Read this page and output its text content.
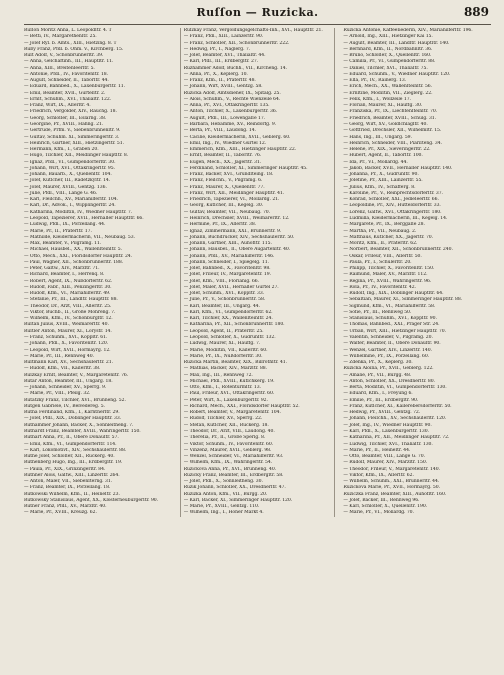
Ruſſon — Ruzicka.	889
Ruſſon Moritz Anna, L. Leopoldſtr. 4. T
— Betti, IV., Margarethenſtr. 25.
— Joſef Ryſ. b. Amts., XIII., Hietzing. 8. T
Rußy Franz, Pfdl. b. Ohm. V., Kirchberg. 15.
Ruſt Adolf, V., Schönbrunnerſtr. 39.
— Anna, Geſchäftinh., III., Hauptſtr. 11.
— Anna, XIII., Breitenſeerſtr. 5.
— Antonie, Pfdl., IV., Favoritenſtr. 18.
— Auguſt, Schneider, II., Taborſtr. 44.
— Eduard, Bahnbed., X., Laxenburgerſtr. 11.
— Emil, Beamter, XVII., Gürtelſtr. 2.
— Ernſt, Schuhm., XVI., Thaliaſtr. 122.
— Franz, Wirt, IX., Alſerſtr. 4.
— Friedrich, Vergolder, XIV., Rauchg. 18.
— Georg, Schloſſer, III., Eslarng. 38.
— Georgine, Pr., XVIII., Hahng. 21.
— Gertrude, Prfm. V., Siebenbrunnenſtr. 9.
— Guſtav, Schuhm. XI., Simmeringerſtr. 3.
— Heinrich, Gärtner, XIII., Hietzingerſtr. 51.
— Hermann, Kfm., I., Graben 20.
— Hugo, Tiſchler, XII., Meidlinger Hauptſtr. 8.
— Ignaz, Pfdl., VI., Gumpendorferſtr. 30.
— Johann, Wirt, XVI., Ottakringerſtr. 95.
— Johann, Bauarb., X., Quellenſtr. 104.
— Joſef, Kutſcher, III., Radetzkyſtr. 14.
— Joſef, Maurer, XVIII., Gentzg. 136.
— Julie, Pfdl., VIII., Lange G. 46.
— Karl, Fleiſchh., XV., Mariahilferſtr. 104.
— Karl, Dr., Advok., I., Wipplingerſtr. 24.
— Katharina, Modiſtin, IV., Wiedner Hauptſtr. 7.
— Leopold, Tapezierer, XVII., Hernalſer Hauptſtr. 66.
— Ludwig, Pfdl., IX., Porzellang. 44.
— Marie, Pr., II., Praterſtr. 17.
— Mathilde, Kleidermacherin, VII., Neubaug. 53.
— Max, Beamter, V., Pilgramg. 11.
— Michael, Hausbeſ., XX., Wallenſteinſtr. 5.
— Otto, Mech., XXI., Floridsdorfer Hauptſtr. 24.
— Paul, Wagner, XII., Schönbrunnerſtr. 188.
— Peter, Gaſtw., XIV., Märzſtr. 71.
— Richard, Beamter, I., Herrenq. 8.
— Robert, Agent, IX., Nußdorferſtr. 62.
— Rudolf, Fabr., XIII., Penzingerſtr. 30.
— Rudolf, Kfm., VI., Mariahilferſtr. 49.
— Stefanie, Pr., III., Landſtr. Hauptſtr. 88.
— Theodor, Dr., Arzt, VIII., Alſerſtr. 25.
— Viktor, Buchb., II., Große Mohreng. 7.
— Wilhelm, Kfm., IV., Schönburgſtr. 12.
Ruſtan Julius, XVIII., Weimarerſtr. 40.
Ruſtler Anton, Maurer, XI., Lorystr. 14.
— Franz, Schuhm., XVI., Koppſtr. 61.
— Johann, Pfdl., X., Favoritenſtr. 120.
— Leopold, Wirt, XVII., Hormayrg. 12.
— Marie, Pr., III., Rennweg 40.
Ruſtmann Karl, XV., Sechshauſerſtr. 21.
— Rudolf, Kfm., VII., Kaiſerſtr. 38.
Ruſzkay Ernſt, Beamter, V., Margaretenſtr. 76.
Rutar Anton, Beamter, III., Ungarg. 18.
— Johann, Schneider, XV., Sperrg. 9.
— Marie, Pr., VIII., Pfeilg. 32.
Rutatzky Franz, Tiſchler, XVI., Brunneng. 52.
Rutgen Gabriele, IV., Belvedereg. 5.
Rutha Ferdinand, Kfm., I., Kärntnerſtr. 29.
— Joſef, Pfdl., XIX., Döblinger Hauptſtr. 33.
Ruthammer Johann, Bäcker, X., Sonnleitheng. 7.
Ruthardt Franz, Beamter, XVIII., Währingerſtr. 150.
Ruthart Anna, Pr., II., Obere Donauſtr. 57.
— Emil, Kfm., VI., Gumpendorferſtr. 114.
— Karl, Lokomotivf., XIV., Sechshauſerſtr. 88.
Ruthe Joſef, Schloſſer, XII., Ruckerg. 40.
Ruthenberg Hugo, Ing., III., Erdbergſtr. 19.
— Paula, Pr., XIX., Grinzingerſtr. 84.
Ruthner Alois, Gaſtw., XIII., Linzerſtr. 264.
— Anton, Maler, VII., Siebenſterng. 31.
— Franz, Beamter, IX., Porzellang. 18.
Rutkowski Wilhelm, Kfm., II., Heineſtr. 23.
Rutkowsky Stanislaus, Agent, XX., Klosterneuburgerſtr. 90.
Rutner Franz, Pfdl., XV., Märzſtr. 40.
— Marie, Pr., XVIII., Kreuzg. 62.
Ruſzkay Franz, Vergoldungsgeſchäfts-Inh., XVI., Hauptſtr. 21.
— Franz, Pfdl., XIII., Lainzerſtr. 90.
— Franz, Schloſſer, XII., Schönbrunnerſtr. 222.
— Hedwig, Pr., I., Naglerg. 7.
— Joſef, Beamter, XVI., Thaliaſtr. 44.
— Karl, Pfdl., III., Erdbergſtr. 27.
Ruzhammer Adolf, Buchh., VII., Kircheng. 14.
— Anna, Pr., X., Keplerg. 10.
— Franz, Kfm., II., Praterſtr. 48.
— Johann, Wirt, XVIII., Gentzg. 58.
Ruzicka Adolf, Amtsdiener, IX., Spitalg. 25.
— Alois, Schuhm., V., Rechte Wienzeile 64.
— Anna, Pr., XVI., Ottakringerſtr. 135.
— Anton, Tiſchler, X., Laxenburgerſtr. 36.
— Auguſt, Pfdl., III., Löwengaſſe 17.
— Barbara, Hebamme, XV., Reindorfg. 9.
— Berta, Pr., VIII., Laudong. 14.
— Cäcilie, Kleidermacherin, XVII., Geblerg. 60.
— Emil, Ing., IV., Wiedner Gürtel 12.
— Emmerich, Kfm., XIII., Hietzinger Hauptſtr. 22.
— Ernſt, Beamter, II., Taborſtr. 76.
— Eugen, Mech., XX., Jägerſtr. 31.
— Ferdinand, Schloſſer, XI., Simmeringer Hauptſtr. 45.
— Franz, Bäcker, XVI., Grundſteing. 18.
— Franz, Fleiſchh., V., Pilgramg. 6.
— Franz, Maurer, X., Quellenſtr. 77.
— Franz, Wirt, XII., Meidlinger Hauptſtr. 41.
— Friedrich, Tapezierer, VI., Mollardg. 21.
— Georg, Kutſcher, III., Kegelg. 30.
— Guſtav, Beamter, VII., Neubaug. 70.
— Heinrich, Drechsler, XVIII., Weimarerſtr. 12.
— Hermine, Pr., IX., Alſerſtr. 38.
— Ignaz, Zimmermann, XXI., Brünnerſtr. 9.
— Johann, Buchdrucker, XIV., Sechshauſerſtr. 50.
— Johann, Gärtner, XIII., Auhofſtr. 115.
— Johann, Hausbeſ., II., Obere Augartenſtr. 40.
— Johann, Pfdl., XV., Mariahilferſtr. 146.
— Johann, Schneider, I., Spiegelg. 11.
— Joſef, Bahnbed., X., Favoritenſtr. 98.
— Joſef, Friſeur, IV., Margaretenſtr. 19.
— Joſef, Kfm., VIII., Florianig. 66.
— Joſef, Maler, XVII., Hernalſer Gürtel 27.
— Joſef, Schuhm., XVI., Koppſtr. 33.
— Julie, Pr., V., Schönbrunnerſtr. 58.
— Karl, Beamter, III., Ungarg. 44.
— Karl, Kfm., VI., Gumpendorferſtr. 62.
— Karl, Tiſchler, XX., Wallenſteinſtr. 24.
— Katharina, Pr., XII., Schönbrunnerſtr. 180.
— Leopold, Agent, II., Praterſtr. 25.
— Leopold, Schloſſer, X., Gudrunſtr. 132.
— Ludwig, Maurer, XI., Hauffg. 7.
— Marie, Modiſtin, VII., Kaiſerſtr. 60.
— Marie, Pr., IX., Nußdorferſtr. 30.
Ruzicka Martin, Beamter, XIX., Billrothſtr. 41.
— Mathias, Bäcker, XIV., Märzſtr. 88.
— Max, Ing., III., Rennweg 72.
— Michael, Pfdl., XVIII., Kutſchkerg. 19.
— Otto, Kfm., I., Rotenturmſtr. 13.
— Paul, Friſeur, XVI., Ottakringerſtr. 60.
— Peter, Wirt, X., Laxenburgerſtr. 92.
— Richard, Mech., XXI., Floridsdorfer Hauptſtr. 52.
— Robert, Beamter, V., Margaretenſtr. 104.
— Rudolf, Tiſchler, XV., Sperrg. 22.
— Stefan, Kutſcher, XII., Ruckerg. 18.
— Theodor, Dr., Arzt, VIII., Laudong. 40.
— Thereſia, Pr., II., Große Sperlg. 8.
— Viktor, Schuhm., IV., Favoritenſtr. 60.
— Vinzenz, Maurer, XVII., Geblerg. 98.
— Wenzel, Schneider, VI., Mariahilferſtr. 93.
— Wilhelm, Kfm., IX., Währingerſtr. 54.
Ruzickova Anna, Pr., XVI., Brunneng. 40.
Ruzicky Franz, Beamter, III., Erdbergſtr. 58.
— Joſef, Pfdl., X., Sonnleitheng. 30.
Ruzik Johann, Schloſſer, XX., Dresdnerſtr. 47.
Ruzizka Anton, Kfm., VII., Burgg. 20.
— Karl, Bäcker, XI., Simmeringer Hauptſtr. 120.
— Marie, Pr., XVIII., Gentzg. 110.
— Wilhelm, Ing., I., Hoher Markt 4.
Ruzicka Antonie, Kaffeeſiederin, XIV., Mariahilferſtr. 196.
— Arnold, Ing., XIII., Hietzinger Kai 15.
— Auguſt, Beamter, III., Landſtr. Hauptſtr. 140.
— Bernhard, Kfm., II., Nordbahnſtr. 36.
— Bruno, Schloſſer, X., Quellenſtr. 160.
— Camilla, Pr., VI., Gumpendorferſtr. 88.
— Daniel, Tiſchler, XVI., Thaliaſtr. 75.
— Eduard, Schuhm., V., Wiedner Hauptſtr. 120.
— Elſa, Pr., IV., Rainerg. 13.
— Erich, Mech., XX., Wallenſteinſtr. 56.
— Ernſtine, Modiſtin, VII., Zieglerg. 22.
— Felix, Kfm., I., Wollzeile 17.
— Florian, Maurer, XI., Hauffg. 30.
— Franziska, Pr., IX., Liechtenſteinſtr. 70.
— Friedrich, Beamter, XVIII., Schulg. 31.
— Georg, Wirt, XV., Goldſchlagſtr. 40.
— Gottfried, Drechsler, XII., Wilhelmſtr. 15.
— Hans, Ing., III., Ungarg. 59.
— Heinrich, Schneider, VIII., Piariſteng. 34.
— Helene, Pr., XIX., Sieveringerſtr. 22.
— Hubert, Agent, II., Taborſtr. 100.
— Ida, Pr., VI., Mollardg. 44.
— Jakob, Bäcker, XVII., Hernalſer Hauptſtr. 140.
— Johanna, Pr., X., Gudrunſtr. 90.
— Joſefine, Pr., XIII., Lainzerſtr. 55.
— Julius, Kfm., IV., Schäfferg. 8.
— Karoline, Pr., V., Reinprechtsdorferſtr. 37.
— Konrad, Schloſſer, XXI., Jedleſeerſtr. 66.
— Leopoldine, Pr., XIV., Hütteldorferſtr. 33.
— Lorenz, Gaſtw., XVI., Ottakringerſtr. 180.
— Ludmilla, Kleidermacherin, III., Kegelg. 14.
— Margarete, Pr., IX., Berggaſſe 28.
— Martha, Pr., VII., Neubaug. 2.
— Matthäus, Kutſcher, XX., Jägerſtr. 70.
— Moritz, Kfm., II., Praterſtr. 62.
— Norbert, Beamter, XII., Schönbrunnerſtr. 240.
— Oskar, Friſeur, VIII., Alſerſtr. 50.
— Paula, Pr., I., Schulerſtr. 20.
— Philipp, Tiſchler, X., Favoritenſtr. 150.
— Raimund, Maler, XV., Märzſtr. 112.
— Regina, Pr., XVIII., Währingerſtr. 96.
— Roſa, Pr., IV., Favoritenſtr. 42.
— Rudolf, Ing., XIX., Döblinger Hauptſtr. 64.
— Sebaſtian, Maurer, XI., Simmeringer Hauptſtr. 88.
— Sigmund, Kfm., VI., Mariahilferſtr. 58.
— Sofie, Pr., III., Rennweg 50.
— Stanislaus, Schuhm., XVI., Koppſtr. 90.
— Thomas, Bahnbed., XXI., Prager Str. 24.
— Urban, Wirt, XIII., Hietzinger Hauptſtr. 70.
— Valentin, Schneider, V., Pilgramg. 20.
— Walter, Beamter, II., Obere Donauſtr. 90.
— Wenzel, Gärtner, XIV., Linzerſtr. 140.
— Wilhelmine, Pr., IX., Porzellang. 60.
— Zdenka, Pr., X., Keplerg. 30.
Ruzicka Aloiſia, Pr., XVII., Geblerg. 122.
— Amalie, Pr., VII., Burgg. 48.
— Anton, Schloſſer, XX., Dresdnerſtr. 80.
— Berta, Modiſtin, VI., Gumpendorferſtr. 130.
— Eduard, Kfm., I., Freyung 6.
— Emilie, Pr., III., Erdbergſtr. 90.
— Franz, Kutſcher, XI., Kaiſerebersdorferſtr. 50.
— Hedwig, Pr., XVIII., Gentzg. 72.
— Johann, Fleiſchh., XV., Sechshauſerſtr. 120.
— Joſef, Ing., IV., Wiedner Hauptſtr. 90.
— Karl, Pfdl., X., Laxenburgerſtr. 130.
— Katharina, Pr., XII., Meidlinger Hauptſtr. 72.
— Ludwig, Tiſchler, XVI., Thaliaſtr. 130.
— Marie, Pr., II., Heineſtr. 44.
— Otto, Beamter, VIII., Lange G. 70.
— Rudolf, Maurer, XIV., Märzſtr. 150.
— Theodor, Friſeur, V., Margaretenſtr. 140.
— Viktor, Kfm., IX., Alſerſtr. 62.
— Wilhelm, Schuhm., XXI., Brünnerſtr. 44.
Ruzickova Marie, Pr., XVII., Hormayrg. 50.
Ruziczka Franz, Beamter, XIII., Auhofſtr. 160.
— Joſef, Bäcker, III., Rennweg 96.
— Karl, Schloſſer, X., Quellenſtr. 190.
— Marie, Pr., VI., Mollardg. 70.
